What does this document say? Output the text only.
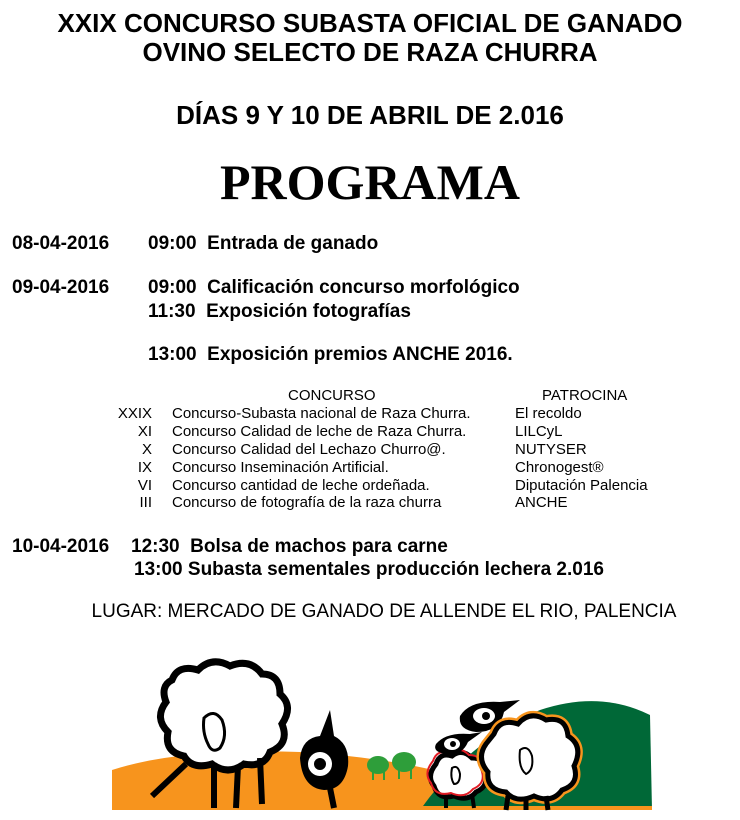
XXIX CONCURSO SUBASTA OFICIAL DE GANADO
OVINO SELECTO DE RAZA CHURRA
DÍAS 9 Y 10 DE ABRIL DE 2.016
PROGRAMA
08-04-2016 09:00 Entrada de ganado
09-04-2016 09:00 Calificación concurso morfológico
11:30 Exposición fotografías
13:00 Exposición premios ANCHE 2016.
CONCURSO	PATROCINA
XXIX Concurso-Subasta nacional de Raza Churra.	El recoldo
XI Concurso Calidad de leche de Raza Churra.	LILCyL
X Concurso Calidad del Lechazo Churro@.	NUTYSER
IX Concurso Inseminación Artificial.	Chronogest®
VI Concurso cantidad de leche ordeñada.	Diputación Palencia
III Concurso de fotografía de la raza churra	ANCHE
10-04-2016 12:30 Bolsa de machos para carne
13:00 Subasta sementales producción lechera 2.016
LUGAR: MERCADO DE GANADO DE ALLENDE EL RIO, PALENCIA
